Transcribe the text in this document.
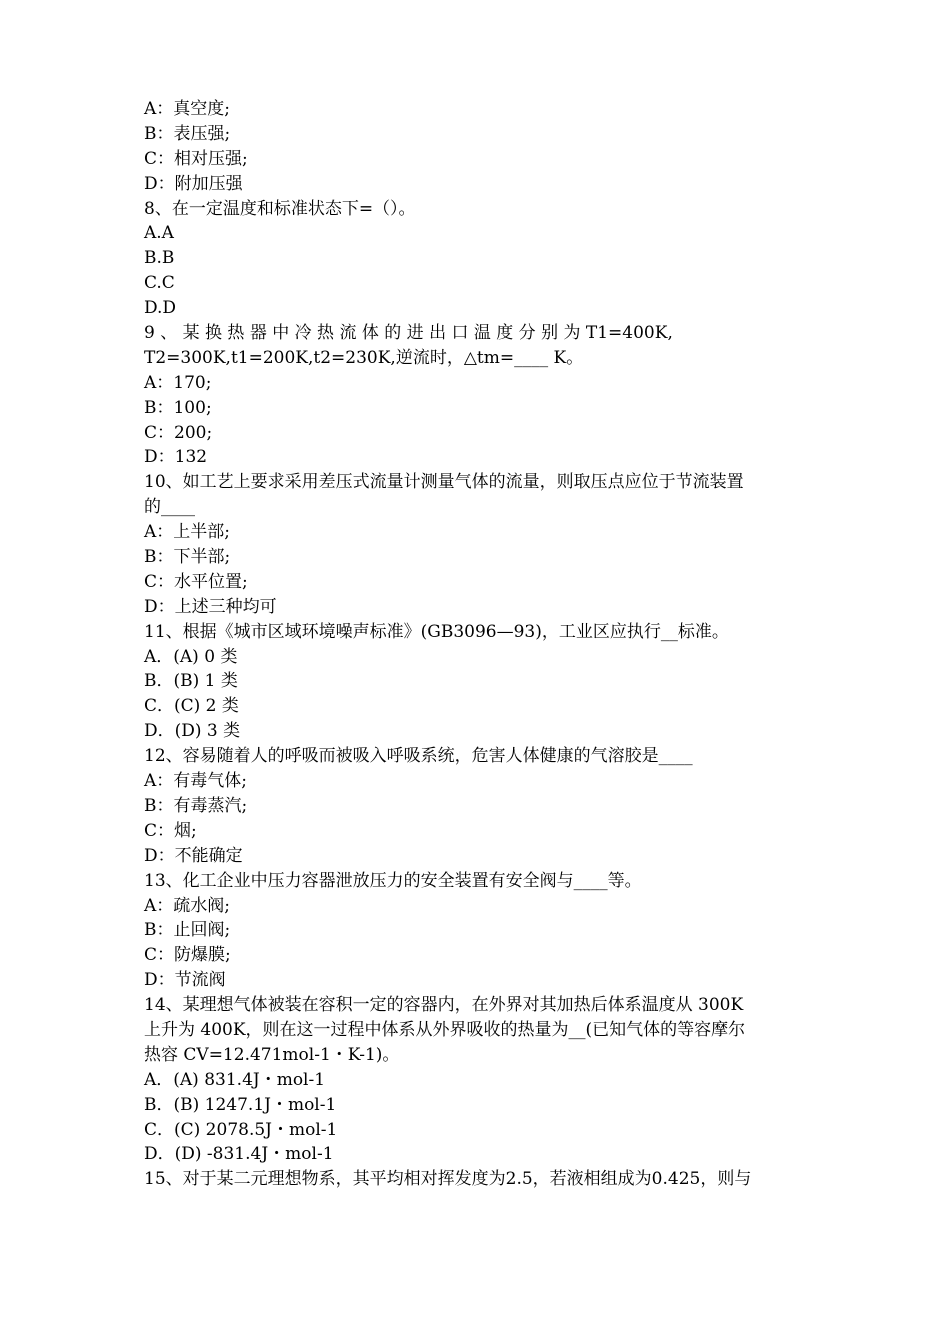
A：真空度;
B：表压强;
C：相对压强;
D：附加压强
8、在一定温度和标准状态下=（）。
A.A
B.B
C.C
D.D
9 、 某 换 热 器 中 冷 热 流 体 的 进 出 口 温 度 分 别 为 T1=400K,
T2=300K,t1=200K,t2=230K,逆流时，△tm=____ K。
A：170;
B：100;
C：200;
D：132
10、如工艺上要求采用差压式流量计测量气体的流量，则取压点应位于节流装置
的____
A：上半部;
B：下半部;
C：水平位置;
D：上述三种均可
11、根据《城市区域环境噪声标准》(GB3096—93)，工业区应执行__标准。
A．(A) 0 类
B．(B) 1 类
C．(C) 2 类
D．(D) 3 类
12、容易随着人的呼吸而被吸入呼吸系统，危害人体健康的气溶胶是____
A：有毒气体;
B：有毒蒸汽;
C：烟;
D：不能确定
13、化工企业中压力容器泄放压力的安全装置有安全阀与____等。
A：疏水阀;
B：止回阀;
C：防爆膜;
D：节流阀
14、某理想气体被装在容积一定的容器内，在外界对其加热后体系温度从 300K
上升为 400K，则在这一过程中体系从外界吸收的热量为__(已知气体的等容摩尔
热容 CV=12.471mol-1・K-1)。
A．(A) 831.4J・mol-1
B．(B) 1247.1J・mol-1
C．(C) 2078.5J・mol-1
D．(D) -831.4J・mol-1
15、对于某二元理想物系，其平均相对挥发度为2.5，若液相组成为0.425，则与
